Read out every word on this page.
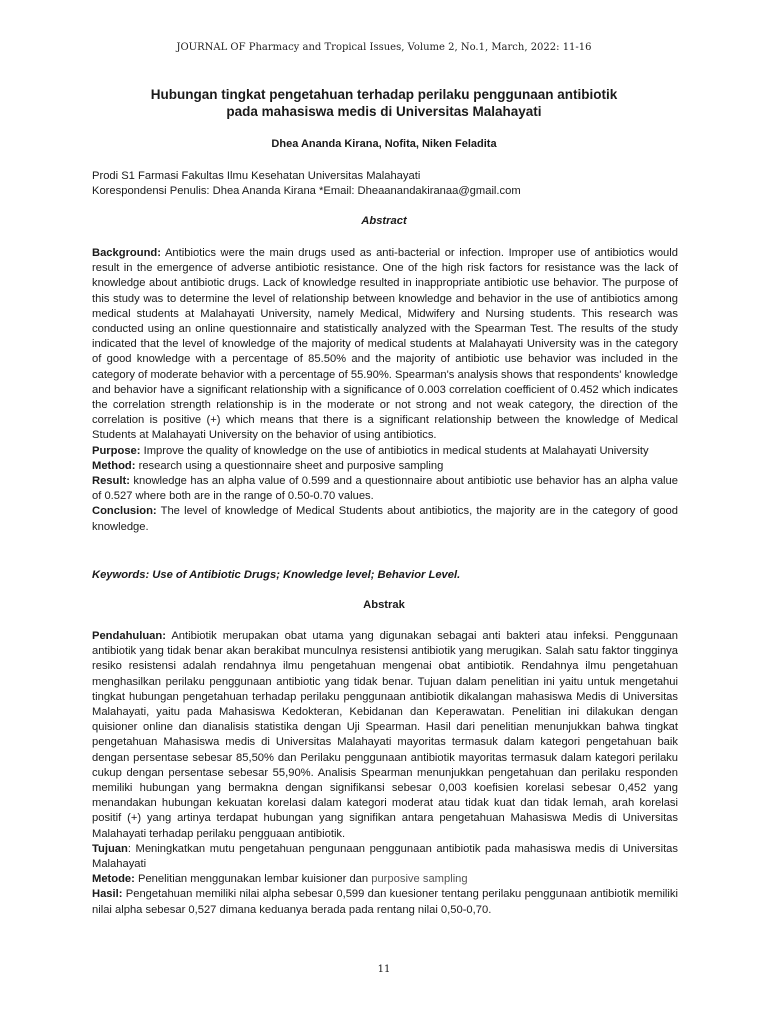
JOURNAL OF Pharmacy and Tropical Issues, Volume 2, No.1, March, 2022: 11-16
Hubungan tingkat pengetahuan terhadap perilaku penggunaan antibiotik
pada mahasiswa medis di Universitas Malahayati
Dhea Ananda Kirana, Nofita, Niken Feladita
Prodi S1 Farmasi Fakultas Ilmu Kesehatan Universitas Malahayati
Korespondensi Penulis: Dhea Ananda Kirana *Email: Dheaanandakiranaa@gmail.com
Abstract

Background: Antibiotics were the main drugs used as anti-bacterial or infection. Improper use of antibiotics would result in the emergence of adverse antibiotic resistance. One of the high risk factors for resistance was the lack of knowledge about antibiotic drugs. Lack of knowledge resulted in inappropriate antibiotic use behavior. The purpose of this study was to determine the level of relationship between knowledge and behavior in the use of antibiotics among medical students at Malahayati University, namely Medical, Midwifery and Nursing students. This research was conducted using an online questionnaire and statistically analyzed with the Spearman Test. The results of the study indicated that the level of knowledge of the majority of medical students at Malahayati University was in the category of good knowledge with a percentage of 85.50% and the majority of antibiotic use behavior was included in the category of moderate behavior with a percentage of 55.90%. Spearman's analysis shows that respondents' knowledge and behavior have a significant relationship with a significance of 0.003 correlation coefficient of 0.452 which indicates the correlation strength relationship is in the moderate or not strong and not weak category, the direction of the correlation is positive (+) which means that there is a significant relationship between the knowledge of Medical Students at Malahayati University on the behavior of using antibiotics.

Purpose: Improve the quality of knowledge on the use of antibiotics in medical students at Malahayati University

Method: research using a questionnaire sheet and purposive sampling

Result: knowledge has an alpha value of 0.599 and a questionnaire about antibiotic use behavior has an alpha value of 0.527 where both are in the range of 0.50-0.70 values.

Conclusion: The level of knowledge of Medical Students about antibiotics, the majority are in the category of good knowledge.

Keywords: Use of Antibiotic Drugs; Knowledge level; Behavior Level.
Abstrak

Pendahuluan: Antibiotik merupakan obat utama yang digunakan sebagai anti bakteri atau infeksi. Penggunaan antibiotik yang tidak benar akan berakibat munculnya resistensi antibiotik yang merugikan. Salah satu faktor tingginya resiko resistensi adalah rendahnya ilmu pengetahuan mengenai obat antibiotik. Rendahnya ilmu pengetahuan menghasilkan perilaku penggunaan antibiotic yang tidak benar. Tujuan dalam penelitian ini yaitu untuk mengetahui tingkat hubungan pengetahuan terhadap perilaku penggunaan antibiotik dikalangan mahasiswa Medis di Universitas Malahayati, yaitu pada Mahasiswa Kedokteran, Kebidanan dan Keperawatan. Penelitian ini dilakukan dengan quisioner online dan dianalisis statistika dengan Uji Spearman. Hasil dari penelitian menunjukkan bahwa tingkat pengetahuan Mahasiswa medis di Universitas Malahayati mayoritas termasuk dalam kategori pengetahuan baik dengan persentase sebesar 85,50% dan Perilaku penggunaan antibiotik mayoritas termasuk dalam kategori perilaku cukup dengan persentase sebesar 55,90%. Analisis Spearman menunjukkan pengetahuan dan perilaku responden memiliki hubungan yang bermakna dengan signifikansi sebesar 0,003 koefisien korelasi sebesar 0,452 yang menandakan hubungan kekuatan korelasi dalam kategori moderat atau tidak kuat dan tidak lemah, arah korelasi positif (+) yang artinya terdapat hubungan yang signifikan antara pengetahuan Mahasiswa Medis di Universitas Malahayati terhadap perilaku pengguaan antibiotik.

Tujuan: Meningkatkan mutu pengetahuan pengunaan penggunaan antibiotik pada mahasiswa medis di Universitas Malahayati

Metode: Penelitian menggunakan lembar kuisioner dan purposive sampling

Hasil: Pengetahuan memiliki nilai alpha sebesar 0,599 dan kuesioner tentang perilaku penggunaan antibiotik memiliki nilai alpha sebesar 0,527 dimana keduanya berada pada rentang nilai 0,50-0,70.

11
